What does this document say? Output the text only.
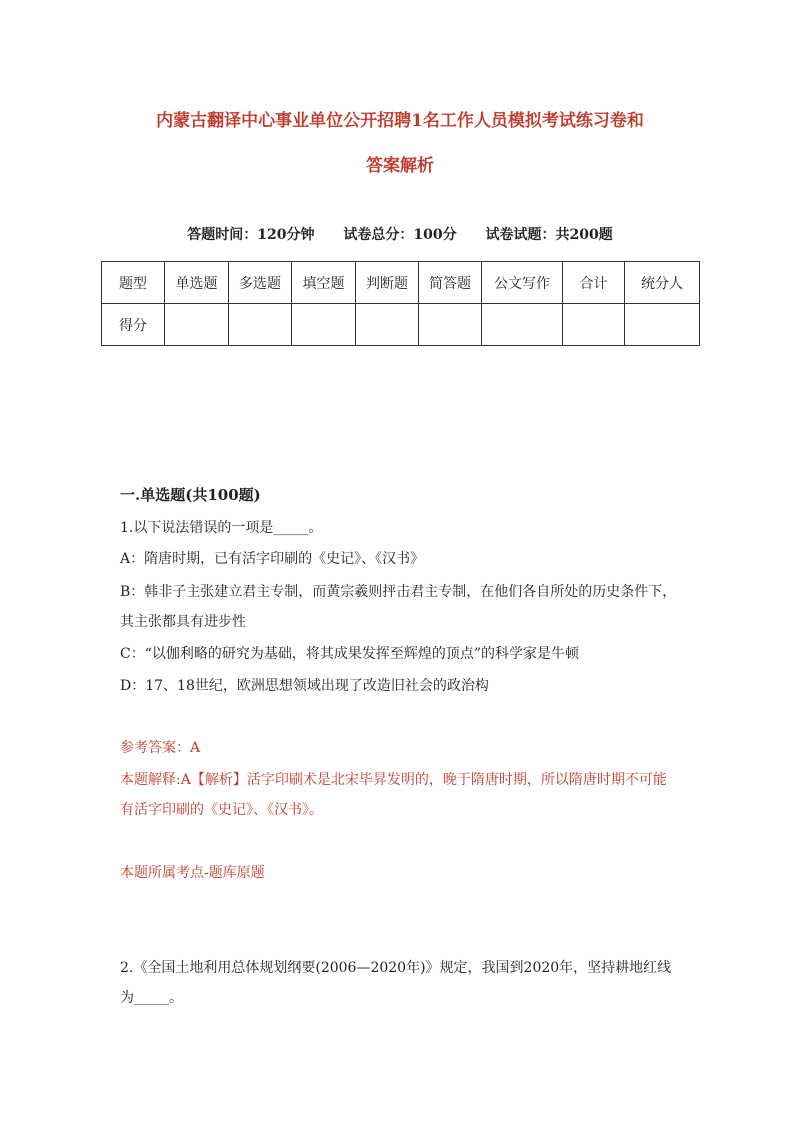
内蒙古翻译中心事业单位公开招聘1名工作人员模拟考试练习卷和
答案解析
答题时间：120分钟 试卷总分：100分 试卷试题：共200题
题型	单选题	多选题	填空题	判断题	简答题	公文写作	合计	统分人
得分								
一.单选题(共100题)

1.以下说法错误的一项是_____。

A：隋唐时期，已有活字印刷的《史记》、《汉书》

B：韩非子主张建立君主专制，而黄宗羲则抨击君主专制，在他们各自所处的历史条件下，其主张都具有进步性

C：“以伽利略的研究为基础，将其成果发挥至辉煌的顶点”的科学家是牛顿

D：17、18世纪，欧洲思想领域出现了改造旧社会的政治构

参考答案：A

本题解释:A【解析】活字印刷术是北宋毕昇发明的，晚于隋唐时期，所以隋唐时期不可能有活字印刷的《史记》、《汉书》。

本题所属考点-题库原题

2.《全国土地利用总体规划纲要(2006—2020年)》规定，我国到2020年，坚持耕地红线为_____。
